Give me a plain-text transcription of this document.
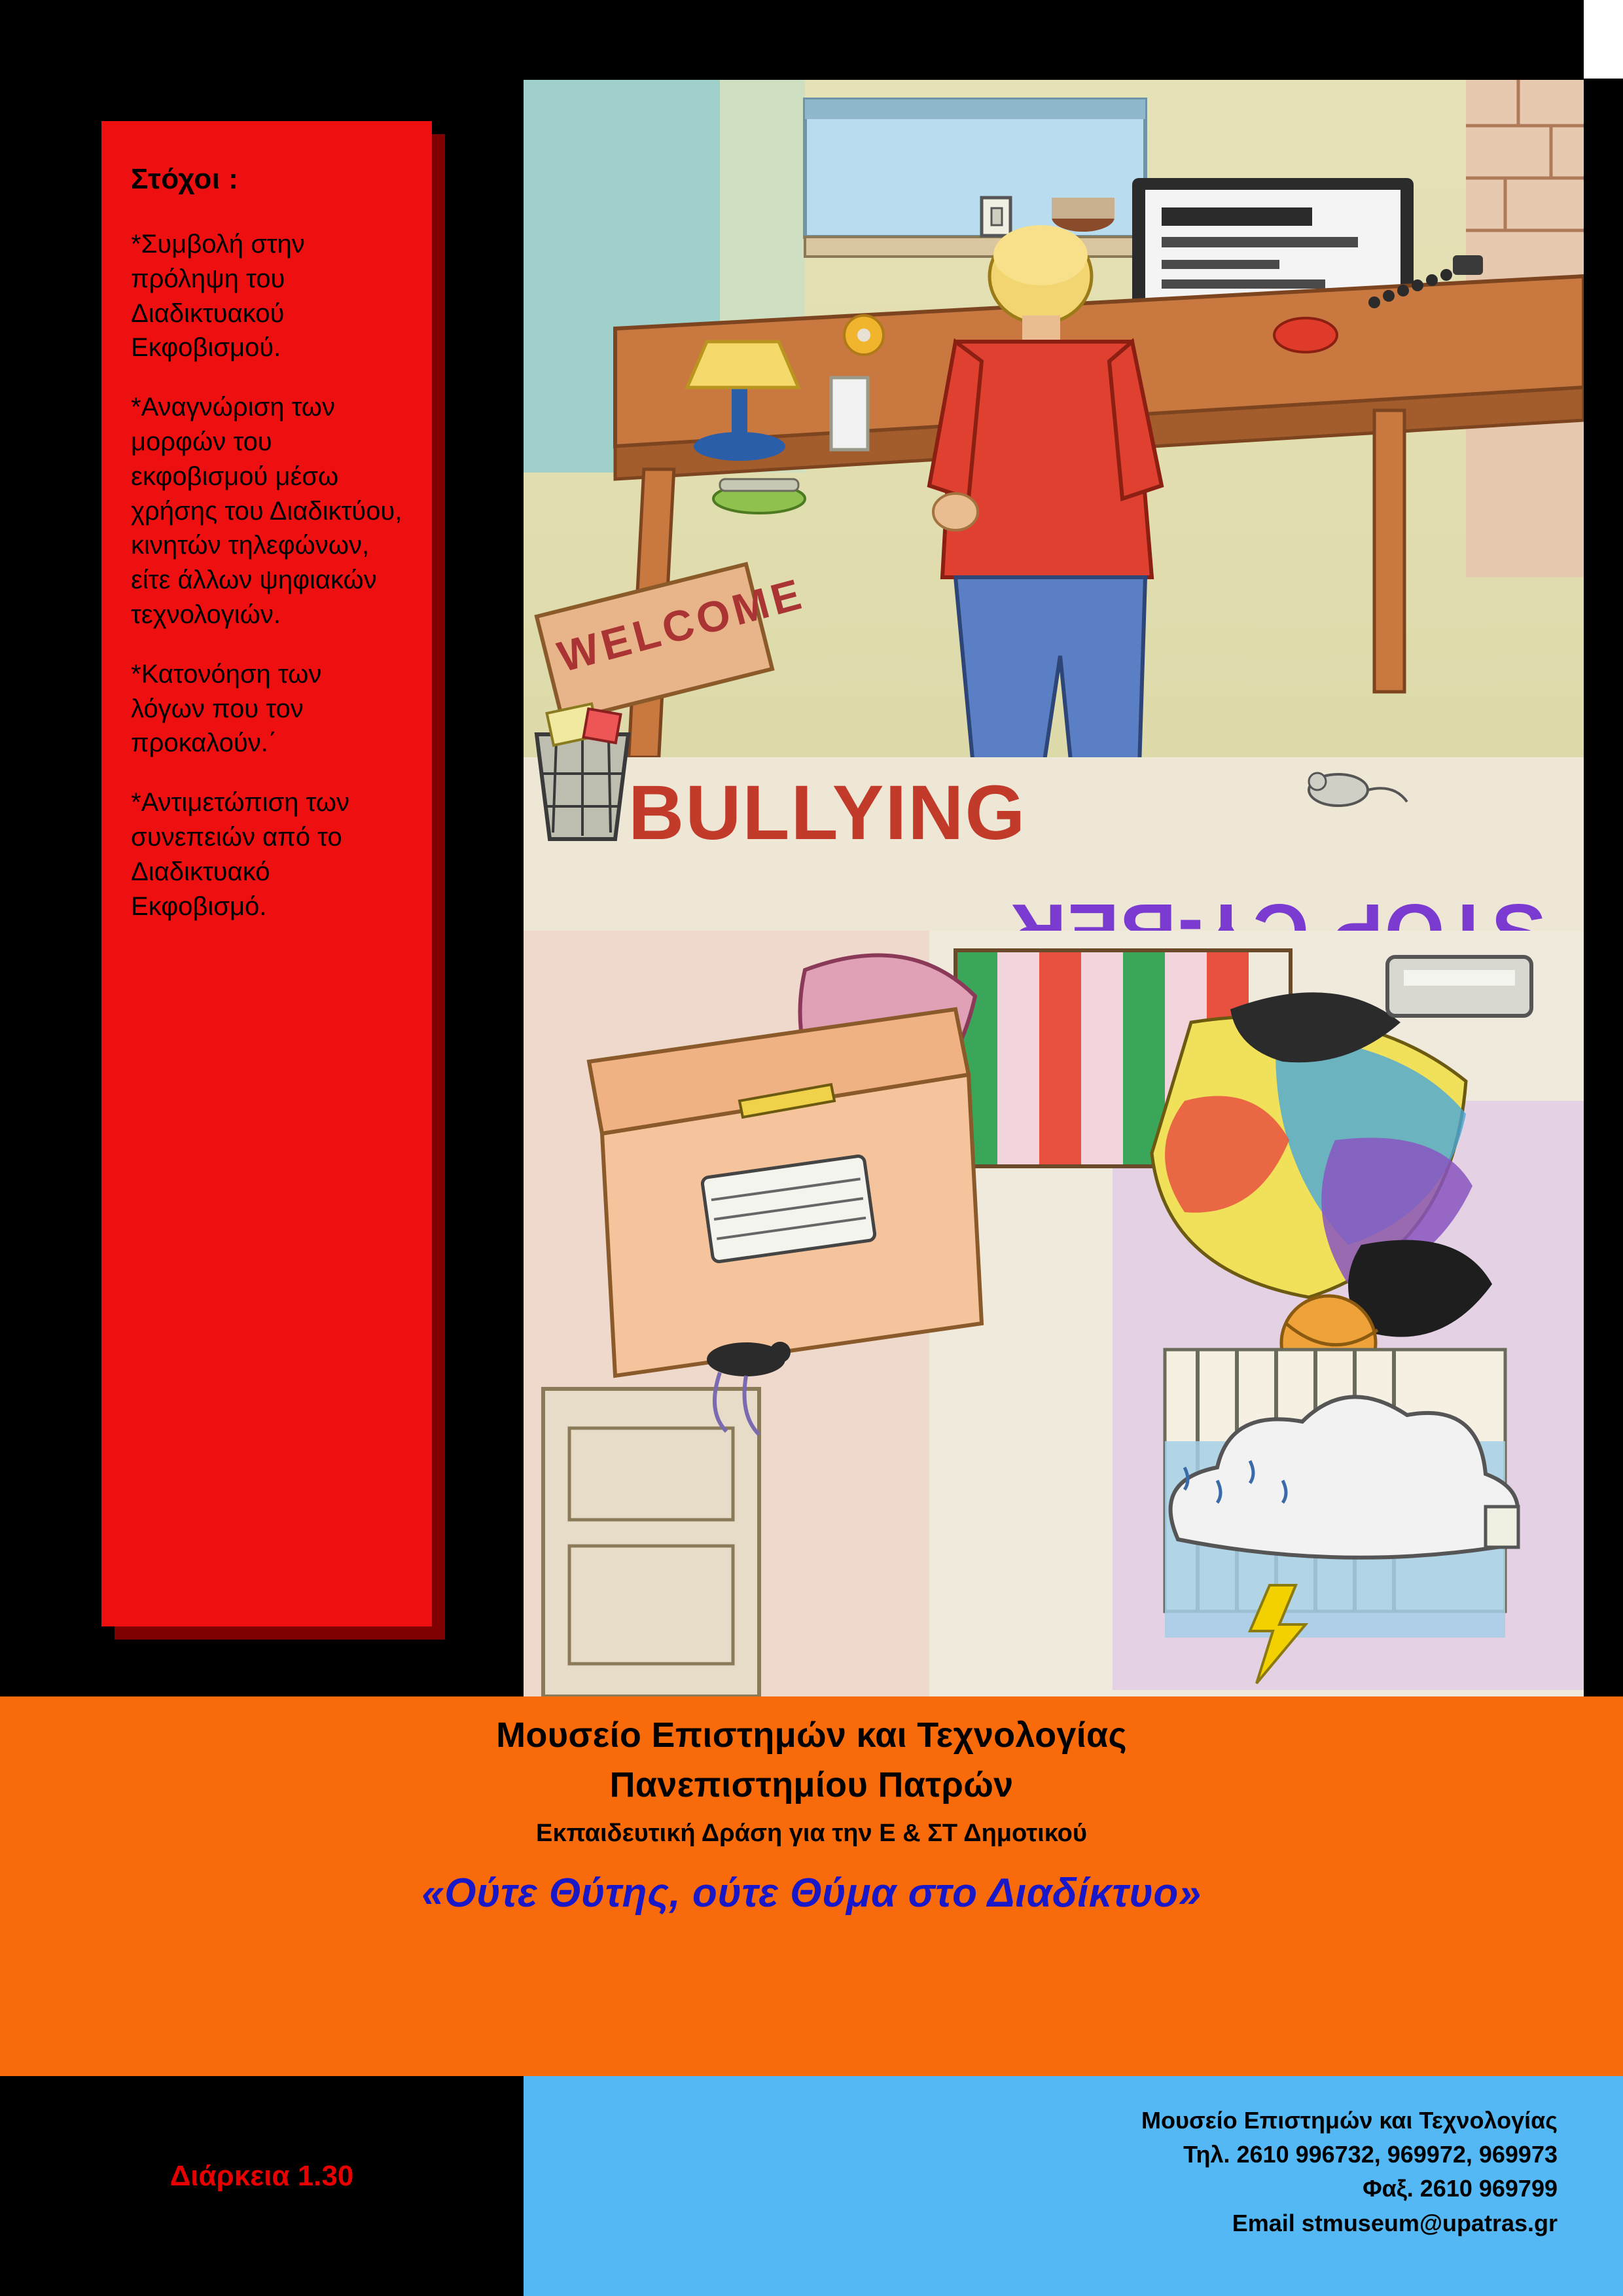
Στόχοι :

*Συμβολή στην πρόληψη του Διαδικτυακού Εκφοβισμού.

*Αναγνώριση των μορφών του εκφοβισμού μέσω χρήσης του Διαδικτύου, κινητών τηλεφώνων, είτε άλλων ψηφιακών τεχνολογιών.

*Κατονόηση των λόγων που τον προκαλούν.΄

*Αντιμετώπιση των συνεπειών από το Διαδικτυακό Εκφοβισμό.

WELCOME
BULLYING

Μουσείο Επιστημών και Τεχνολογίας

Πανεπιστημίου Πατρών

Εκπαιδευτική Δράση για την Ε & ΣΤ Δημοτικού

«Ούτε Θύτης, ούτε Θύμα στο Διαδίκτυο»

Διάρκεια 1.30
Μουσείο Επιστημών και Τεχνολογίας
Τηλ. 2610 996732, 969972, 969973
Φαξ. 2610 969799
Email stmuseum@upatras.gr
